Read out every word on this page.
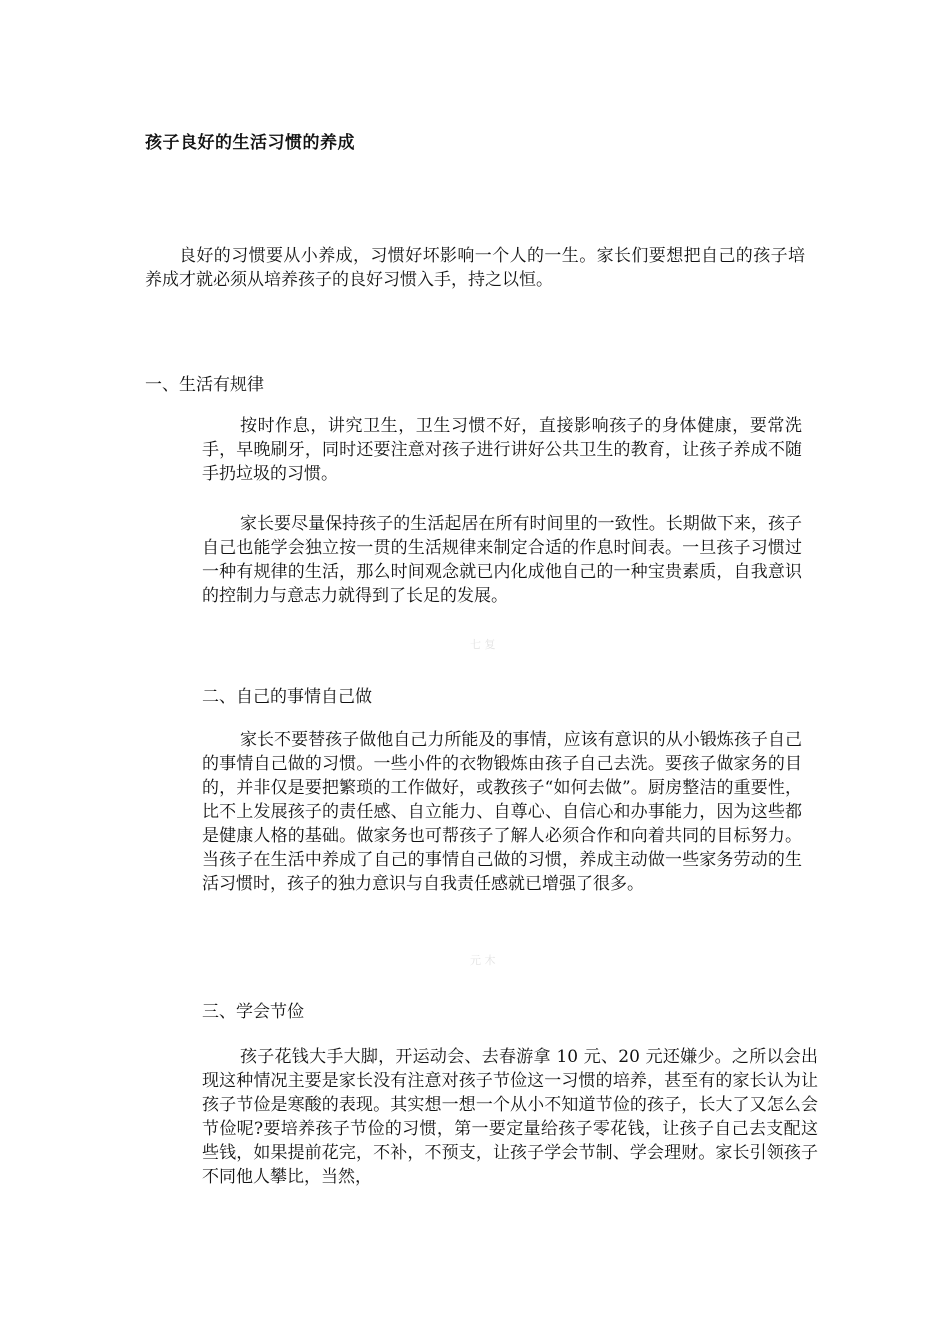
孩子良好的生活习惯的养成

良好的习惯要从小养成，习惯好坏影响一个人的一生。家长们要想把自己的孩子培养成才就必须从培养孩子的良好习惯入手，持之以恒。

一、生活有规律

按时作息，讲究卫生，卫生习惯不好，直接影响孩子的身体健康，要常洗手，早晚刷牙，同时还要注意对孩子进行讲好公共卫生的教育，让孩子养成不随手扔垃圾的习惯。

家长要尽量保持孩子的生活起居在所有时间里的一致性。长期做下来，孩子自己也能学会独立按一贯的生活规律来制定合适的作息时间表。一旦孩子习惯过一种有规律的生活，那么时间观念就已内化成他自己的一种宝贵素质，自我意识的控制力与意志力就得到了长足的发展。

七 复

二、自己的事情自己做

家长不要替孩子做他自己力所能及的事情，应该有意识的从小锻炼孩子自己的事情自己做的习惯。一些小件的衣物锻炼由孩子自己去洗。要孩子做家务的目的，并非仅是要把繁琐的工作做好，或教孩子“如何去做”。厨房整洁的重要性，比不上发展孩子的责任感、自立能力、自尊心、自信心和办事能力，因为这些都是健康人格的基础。做家务也可帮孩子了解人必须合作和向着共同的目标努力。当孩子在生活中养成了自己的事情自己做的习惯，养成主动做一些家务劳动的生活习惯时，孩子的独力意识与自我责任感就已增强了很多。

元 木

三、学会节俭

孩子花钱大手大脚，开运动会、去春游拿 10 元、20 元还嫌少。之所以会出现这种情况主要是家长没有注意对孩子节俭这一习惯的培养，甚至有的家长认为让孩子节俭是寒酸的表现。其实想一想一个从小不知道节俭的孩子，长大了又怎么会节俭呢?要培养孩子节俭的习惯，第一要定量给孩子零花钱，让孩子自己去支配这些钱，如果提前花完，不补，不预支，让孩子学会节制、学会理财。家长引领孩子不同他人攀比，当然，
